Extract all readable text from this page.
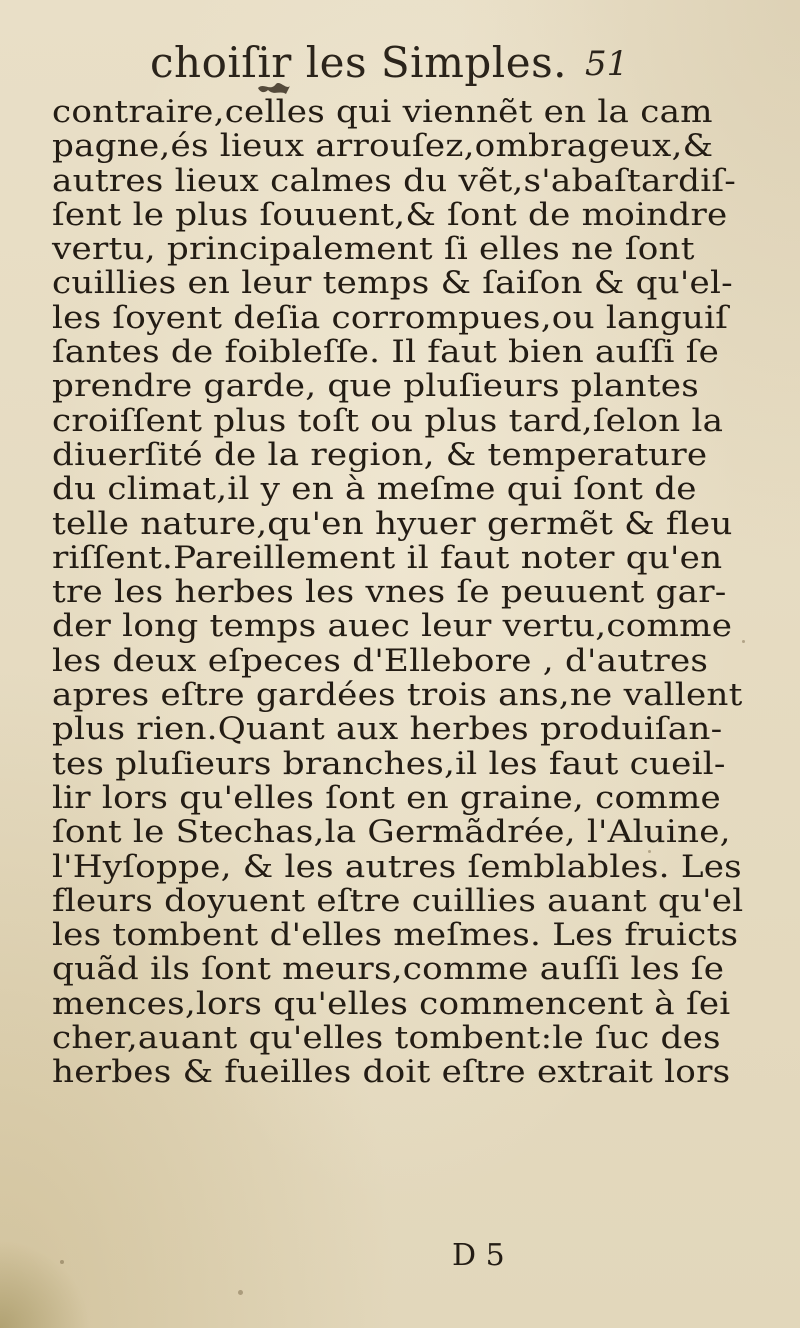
choiſir les Simples. 51
contraire,celles qui viennẽt en la cam
pagne,és lieux arrouſez,ombrageux,&
autres lieux calmes du vẽt,s'abaſtardiſ-
ſent le plus ſouuent,& ſont de moindre
vertu, principalement ſi elles ne ſont
cuillies en leur temps & ſaiſon & qu'el-
les ſoyent deſia corrompues,ou languiſ
ſantes de foibleſſe. Il faut bien auſſi ſe
prendre garde, que pluſieurs plantes
croiſſent plus toſt ou plus tard,ſelon la
diuerſité de la region, & temperature
du climat,il y en à meſme qui ſont de
telle nature,qu'en hyuer germẽt & fleu
riſſent.Pareillement il faut noter qu'en
tre les herbes les vnes ſe peuuent gar-
der long temps auec leur vertu,comme
les deux eſpeces d'Ellebore , d'autres
apres eſtre gardées trois ans,ne vallent
plus rien.Quant aux herbes produiſan-
tes pluſieurs branches,il les faut cueil-
lir lors qu'elles ſont en graine, comme
ſont le Stechas,la Germãdrée, l'Aluine,
l'Hyſoppe, & les autres ſemblables. Les
fleurs doyuent eſtre cuillies auant qu'el
les tombent d'elles meſmes. Les fruicts
quãd ils ſont meurs,comme auſſi les ſe
mences,lors qu'elles commencent à ſei
cher,auant qu'elles tombent:le ſuc des
herbes & fueilles doit eſtre extrait lors
D 5
